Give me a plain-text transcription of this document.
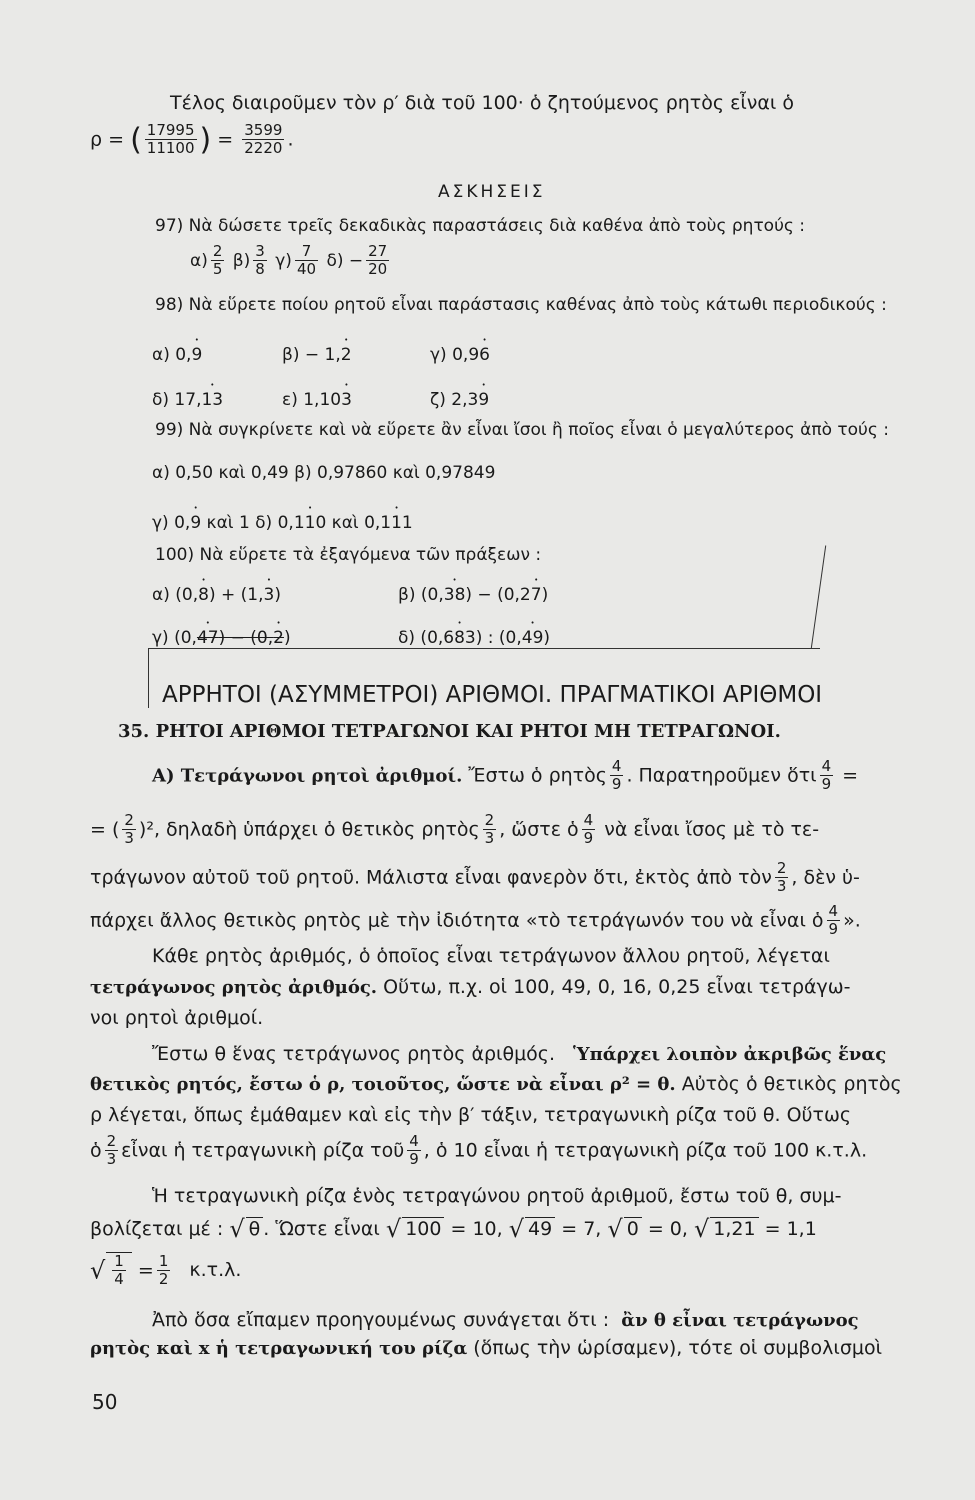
Τέλος διαιροῦμεν τὸν ρ′ διὰ τοῦ 100· ὁ ζητούμενος ρητὸς εἶναι ὁ
ρ = ( $\frac{17995}{11100}$ ) = $\frac{3599}{2220}$ .
ΑΣΚΗΣΕΙΣ
97) Νὰ δώσετε τρεῖς δεκαδικὰς παραστάσεις διὰ καθένα ἀπὸ τοὺς ρητούς :
$\alpha) \frac{2}{5} \beta) \frac{3}{8} \gamma) \frac{7}{40} \delta) - \frac{27}{20}$
98) Νὰ εὕρετε ποίου ρητοῦ εἶναι παράστασις καθένας ἀπὸ τοὺς κάτωθι περιοδικούς :
α) 0,• 9	β) − 1,• 2	γ) 0,9• 6
δ) 17,• 13	ε) 1,10• 3	ζ) 2,3• 9
99) Νὰ συγκρίνετε καὶ νὰ εὕρετε ἂν εἶναι ἴσοι ἢ ποῖος εἶναι ὁ μεγαλύτερος ἀπὸ τούς :
α) 0,50 καὶ 0,49 β) 0,97860 καὶ 0,97849
γ) 0,• 9 καὶ 1 δ) 0,• 110 καὶ 0,• 111
100) Νὰ εὕρετε τὰ ἐξαγόμενα τῶν πράξεων :
α) (0,• 8) + (1,• 3)	β) (0,• 38) − (0,2• 7)
γ) (0,• 47) − (0,• 2)	δ) (0,• 683) : (0,• 49)
ΑΡΡΗΤΟΙ (ΑΣΥΜΜΕΤΡΟΙ) ΑΡΙΘΜΟΙ. ΠΡΑΓΜΑΤΙΚΟΙ ΑΡΙΘΜΟΙ
35. ΡΗΤΟΙ ΑΡΙΘΜΟΙ ΤΕΤΡΑΓΩΝΟΙ ΚΑΙ ΡΗΤΟΙ ΜΗ ΤΕΤΡΑΓΩΝΟΙ.
Α) Τετράγωνοι ρητοὶ ἀριθμοί. Ἔστω ὁ ρητὸς $\frac{4}{9}$ . Παρατηροῦμεν ὅτι $\frac{4}{9}$ =
= ( $\frac{2}{3} )^2$, δηλαδὴ ὑπάρχει ὁ θετικὸς ρητὸς $\frac{2}{3}$ , ὥστε ὁ $\frac{4}{9}$ νὰ εἶναι ἴσος μὲ τὸ τε-
τράγωνον αὐτοῦ τοῦ ρητοῦ. Μάλιστα εἶναι φανερὸν ὅτι, ἐκτὸς ἀπὸ τὸν $\frac{2}{3}$ , δὲν ὑ-
πάρχει ἄλλος θετικὸς ρητὸς μὲ τὴν ἰδιότητα «τὸ τετράγωνόν του νὰ εἶναι ὁ $\frac{4}{9}$ ».
Κάθε ρητὸς ἀριθμός, ὁ ὁποῖος εἶναι τετράγωνον ἄλλου ρητοῦ, λέγεται
τετράγωνος ρητὸς ἀριθμός. Οὕτω, π.χ. οἱ 100, 49, 0, 16, 0,25 εἶναι τετράγω-
νοι ρητοὶ ἀριθμοί.
Ἔστω θ ἕνας τετράγωνος ρητὸς ἀριθμός. Ὑπάρχει λοιπὸν ἀκριβῶς ἕνας
θετικὸς ρητός, ἔστω ὁ ρ, τοιοῦτος, ὥστε νὰ εἶναι ρ² = θ. Αὐτὸς ὁ θετικὸς ρητὸς
ρ λέγεται, ὅπως ἐμάθαμεν καὶ εἰς τὴν β′ τάξιν, τετραγωνικὴ ρίζα τοῦ θ. Οὕτως
ὁ $\frac{2}{3}$ εἶναι ἡ τετραγωνικὴ ρίζα τοῦ $\frac{4}{9}$ , ὁ 10 εἶναι ἡ τετραγωνικὴ ρίζα τοῦ 100 κ.τ.λ.
Ἡ τετραγωνικὴ ρίζα ἑνὸς τετραγώνου ρητοῦ ἀριθμοῦ, ἔστω τοῦ θ, συμ-
βολίζεται μέ : √ θ . Ὥστε εἶναι √ 100 = 10, √ 49 = 7, √ 0 = 0, √ 1,21 = 1,1
√ $\frac{1}{4} = \frac{1}{2} \kappa.\tau.\lambda$.
Ἀπὸ ὅσα εἴπαμεν προηγουμένως συνάγεται ὅτι : ἂν θ εἶναι τετράγωνος
ρητὸς καὶ x ἡ τετραγωνική του ρίζα (ὅπως τὴν ὡρίσαμεν), τότε οἱ συμβολισμοὶ
50
